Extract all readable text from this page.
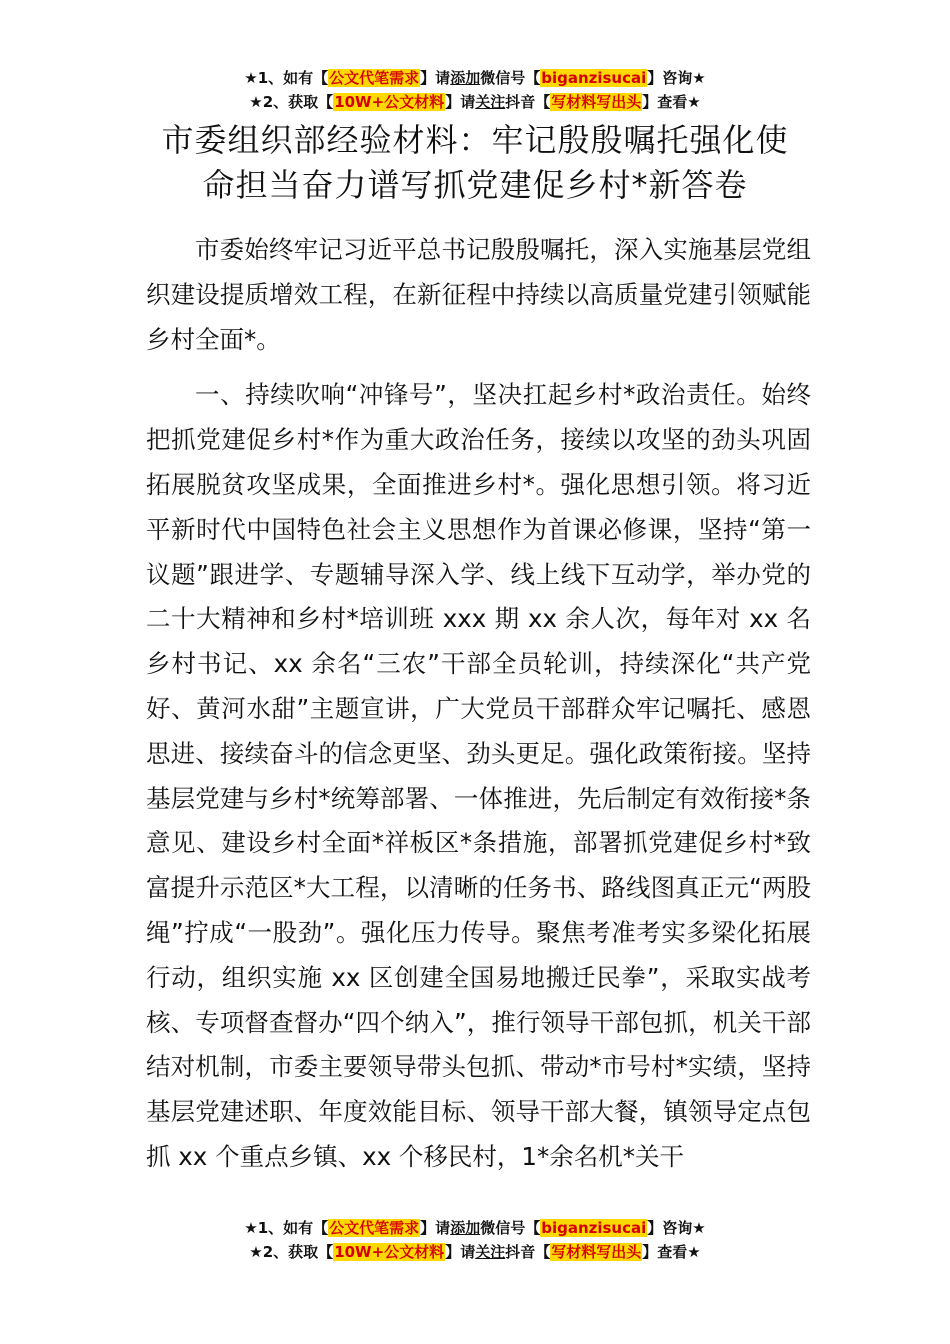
★1、如有【公文代笔需求】请添加微信号【biganzisucai】咨询★
★2、获取【10W+公文材料】请关注抖音【写材料写出头】查看★
市委组织部经验材料：牢记殷殷嘱托强化使
命担当奋力谱写抓党建促乡村*新答卷

市委始终牢记习近平总书记殷殷嘱托，深入实施基层党组织建设提质增效工程，在新征程中持续以高质量党建引领赋能乡村全面*。

一、持续吹响“冲锋号”，坚决扛起乡村*政治责任。始终把抓党建促乡村*作为重大政治任务，接续以攻坚的劲头巩固拓展脱贫攻坚成果，全面推进乡村*。强化思想引领。将习近平新时代中国特色社会主义思想作为首课必修课，坚持“第一议题”跟进学、专题辅导深入学、线上线下互动学，举办党的二十大精神和乡村*培训班 xxx 期 xx 余人次，每年对 xx 名乡村书记、xx 余名“三农”干部全员轮训，持续深化“共产党好、黄河水甜”主题宣讲，广大党员干部群众牢记嘱托、感恩思进、接续奋斗的信念更坚、劲头更足。强化政策衔接。坚持基层党建与乡村*统筹部署、一体推进，先后制定有效衔接*条意见、建设乡村全面*祥板区*条措施，部署抓党建促乡村*致富提升示范区*大工程，以清晰的任务书、路线图真正元“两股绳”拧成“一股劲”。强化压力传导。聚焦考准考实多梁化拓展行动，组织实施 xx 区创建全国易地搬迁民拳”，采取实战考核、专项督查督办“四个纳入”，推行领导干部包抓，机关干部结对机制，市委主要领导带头包抓、带动*市号村*实绩，坚持基层党建述职、年度效能目标、领导干部大餐，镇领导定点包抓 xx 个重点乡镇、xx 个移民村，1*余名机*关干

★1、如有【公文代笔需求】请添加微信号【biganzisucai】咨询★
★2、获取【10W+公文材料】请关注抖音【写材料写出头】查看★
